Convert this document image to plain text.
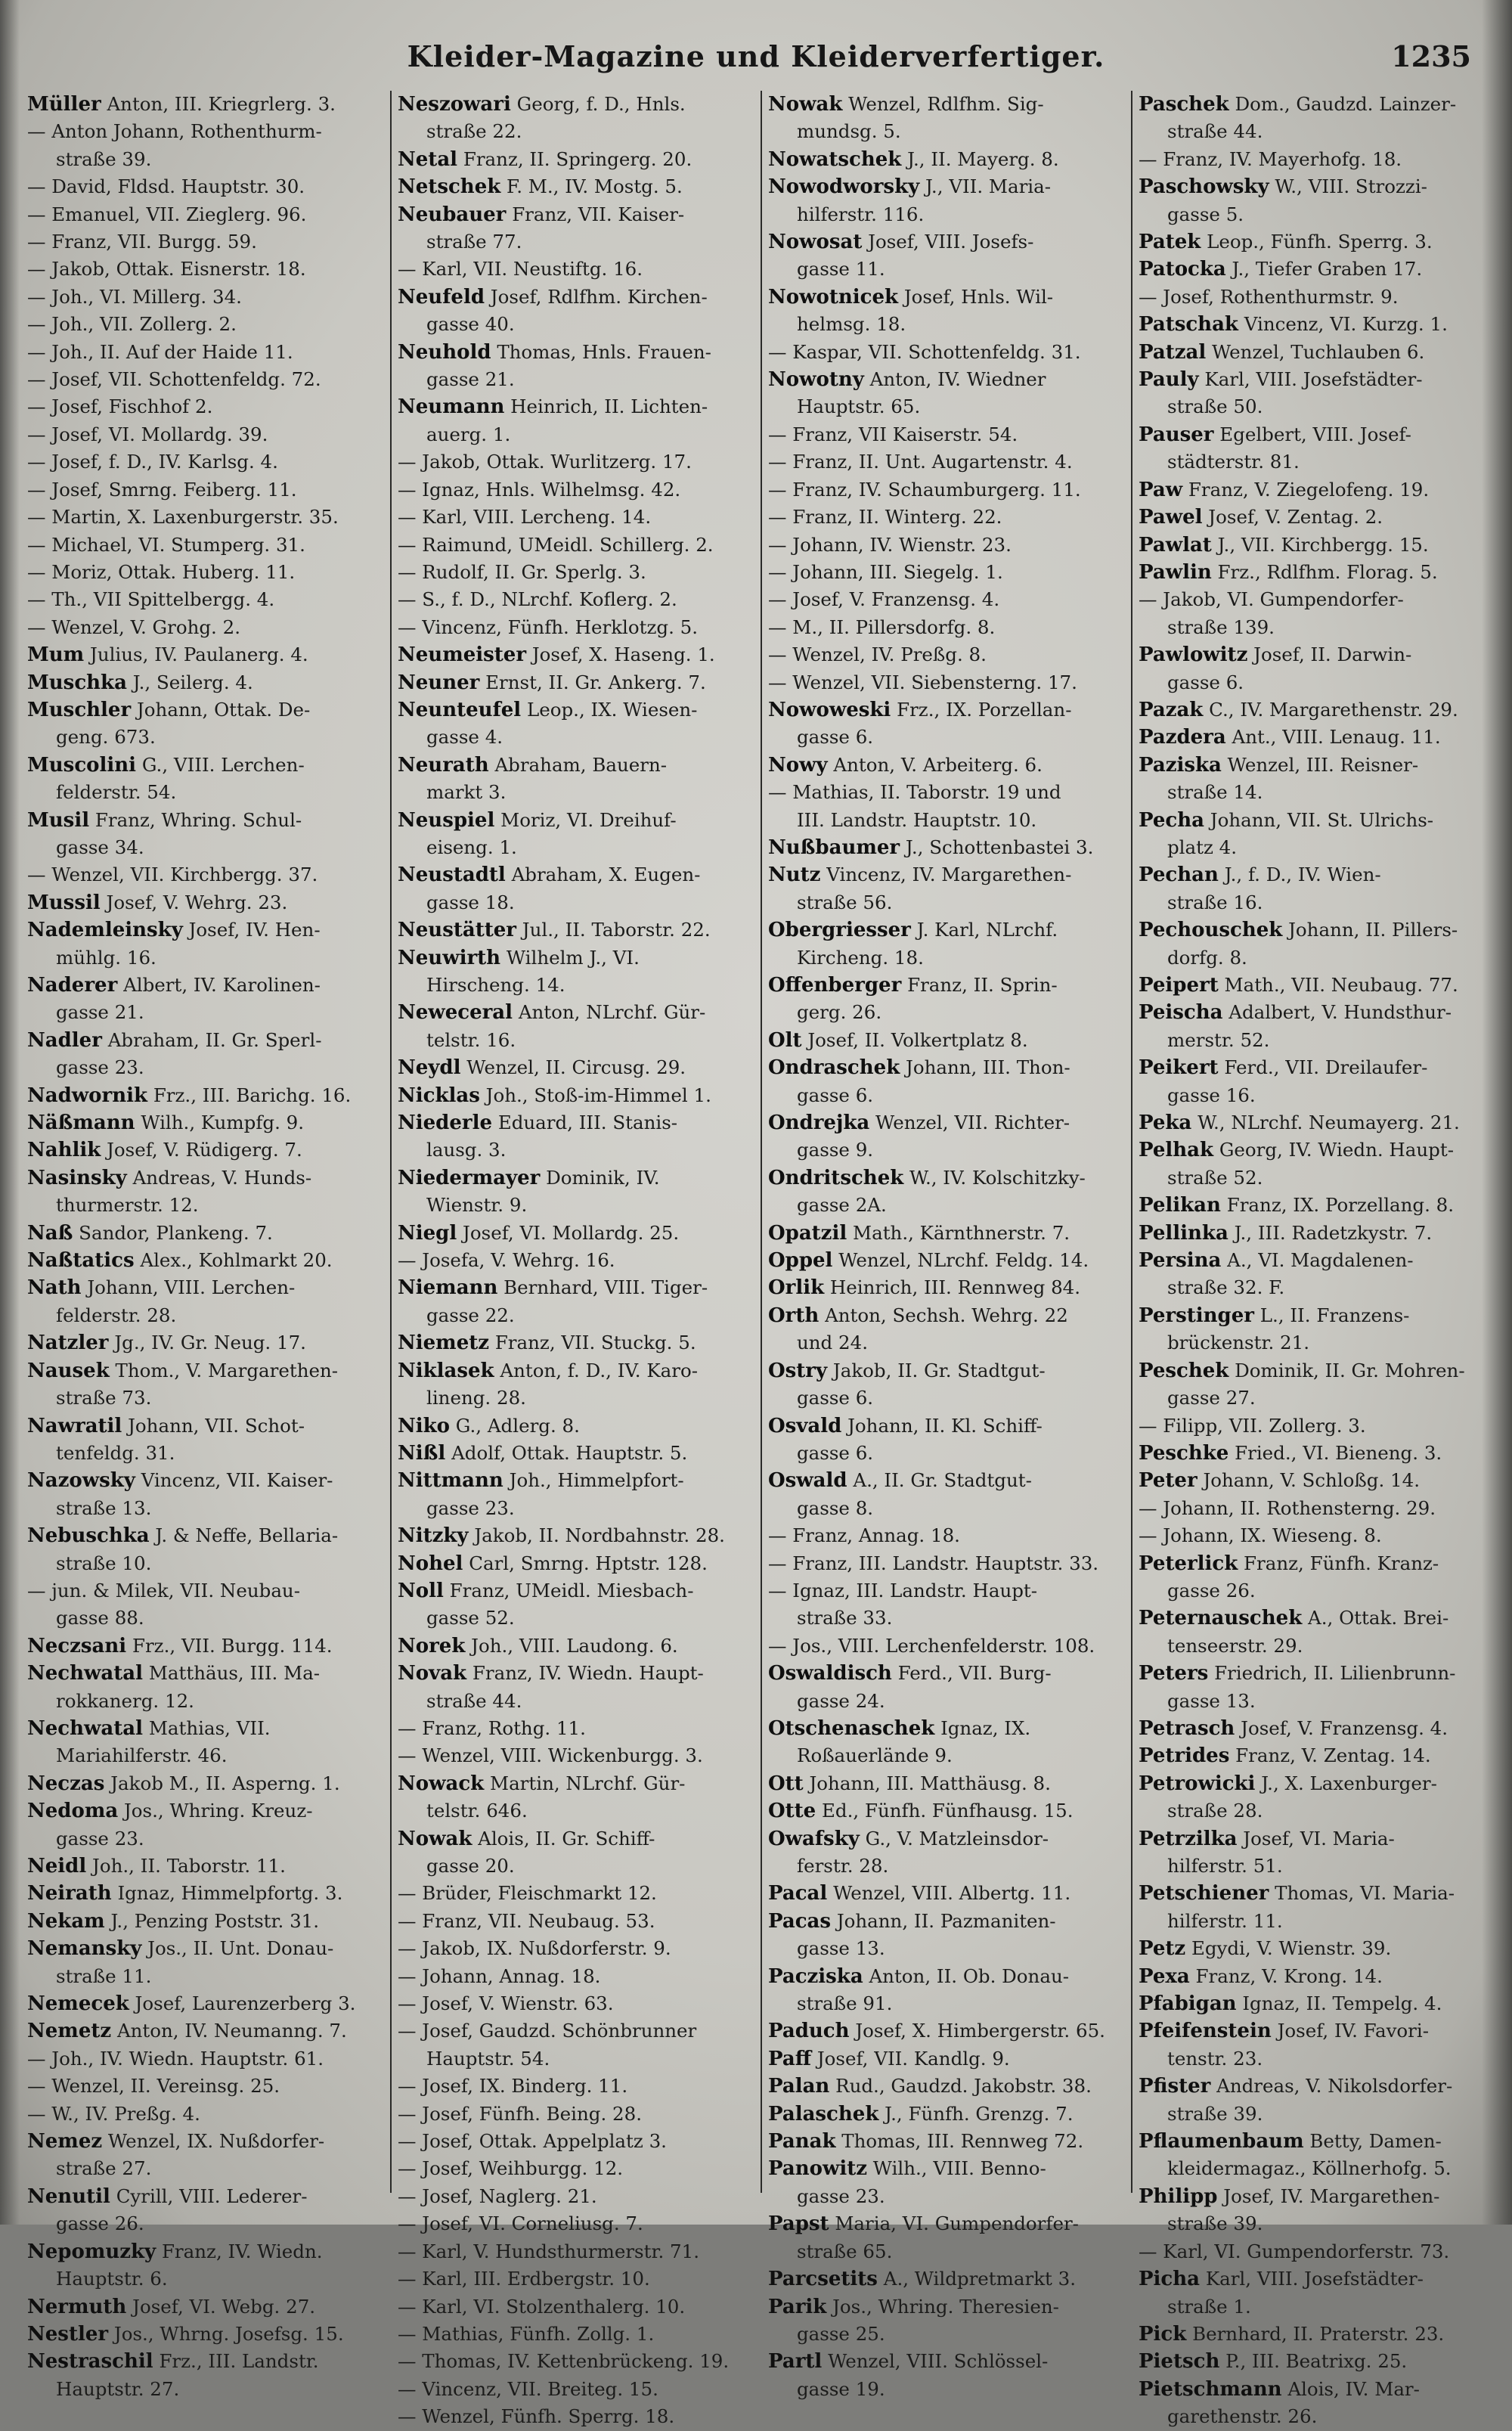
Kleider-Magazine und Kleiderverfertiger.	1235
Müller Anton, III. Kriegrlerg. 3.
— Anton Johann, Rothenthurm-
straße 39.
— David, Fldsd. Hauptstr. 30.
— Emanuel, VII. Zieglerg. 96.
— Franz, VII. Burgg. 59.
— Jakob, Ottak. Eisnerstr. 18.
— Joh., VI. Millerg. 34.
— Joh., VII. Zollerg. 2.
— Joh., II. Auf der Haide 11.
— Josef, VII. Schottenfeldg. 72.
— Josef, Fischhof 2.
— Josef, VI. Mollardg. 39.
— Josef, f. D., IV. Karlsg. 4.
— Josef, Smrng. Feiberg. 11.
— Martin, X. Laxenburgerstr. 35.
— Michael, VI. Stumperg. 31.
— Moriz, Ottak. Huberg. 11.
— Th., VII Spittelbergg. 4.
— Wenzel, V. Grohg. 2.
Mum Julius, IV. Paulanerg. 4.
Muschka J., Seilerg. 4.
Muschler Johann, Ottak. De-
geng. 673.
Muscolini G., VIII. Lerchen-
felderstr. 54.
Musil Franz, Whring. Schul-
gasse 34.
— Wenzel, VII. Kirchbergg. 37.
Mussil Josef, V. Wehrg. 23.
Nademleinsky Josef, IV. Hen-
mühlg. 16.
Naderer Albert, IV. Karolinen-
gasse 21.
Nadler Abraham, II. Gr. Sperl-
gasse 23.
Nadwornik Frz., III. Barichg. 16.
Näßmann Wilh., Kumpfg. 9.
Nahlik Josef, V. Rüdigerg. 7.
Nasinsky Andreas, V. Hunds-
thurmerstr. 12.
Naß Sandor, Plankeng. 7.
Naßtatics Alex., Kohlmarkt 20.
Nath Johann, VIII. Lerchen-
felderstr. 28.
Natzler Jg., IV. Gr. Neug. 17.
Nausek Thom., V. Margarethen-
straße 73.
Nawratil Johann, VII. Schot-
tenfeldg. 31.
Nazowsky Vincenz, VII. Kaiser-
straße 13.
Nebuschka J. & Neffe, Bellaria-
straße 10.
— jun. & Milek, VII. Neubau-
gasse 88.
Neczsani Frz., VII. Burgg. 114.
Nechwatal Matthäus, III. Ma-
rokkanerg. 12.
Nechwatal Mathias, VII.
Mariahilferstr. 46.
Neczas Jakob M., II. Asperng. 1.
Nedoma Jos., Whring. Kreuz-
gasse 23.
Neidl Joh., II. Taborstr. 11.
Neirath Ignaz, Himmelpfortg. 3.
Nekam J., Penzing Poststr. 31.
Nemansky Jos., II. Unt. Donau-
straße 11.
Nemecek Josef, Laurenzerberg 3.
Nemetz Anton, IV. Neumanng. 7.
— Joh., IV. Wiedn. Hauptstr. 61.
— Wenzel, II. Vereinsg. 25.
— W., IV. Preßg. 4.
Nemez Wenzel, IX. Nußdorfer-
straße 27.
Nenutil Cyrill, VIII. Lederer-
gasse 26.
Nepomuzky Franz, IV. Wiedn.
Hauptstr. 6.
Nermuth Josef, VI. Webg. 27.
Nestler Jos., Whrng. Josefsg. 15.
Nestraschil Frz., III. Landstr.
Hauptstr. 27.
Neszowari Georg, f. D., Hnls.
straße 22.
Netal Franz, II. Springerg. 20.
Netschek F. M., IV. Mostg. 5.
Neubauer Franz, VII. Kaiser-
straße 77.
— Karl, VII. Neustiftg. 16.
Neufeld Josef, Rdlfhm. Kirchen-
gasse 40.
Neuhold Thomas, Hnls. Frauen-
gasse 21.
Neumann Heinrich, II. Lichten-
auerg. 1.
— Jakob, Ottak. Wurlitzerg. 17.
— Ignaz, Hnls. Wilhelmsg. 42.
— Karl, VIII. Lercheng. 14.
— Raimund, UMeidl. Schillerg. 2.
— Rudolf, II. Gr. Sperlg. 3.
— S., f. D., NLrchf. Koflerg. 2.
— Vincenz, Fünfh. Herklotzg. 5.
Neumeister Josef, X. Haseng. 1.
Neuner Ernst, II. Gr. Ankerg. 7.
Neunteufel Leop., IX. Wiesen-
gasse 4.
Neurath Abraham, Bauern-
markt 3.
Neuspiel Moriz, VI. Dreihuf-
eiseng. 1.
Neustadtl Abraham, X. Eugen-
gasse 18.
Neustätter Jul., II. Taborstr. 22.
Neuwirth Wilhelm J., VI.
Hirscheng. 14.
Neweceral Anton, NLrchf. Gür-
telstr. 16.
Neydl Wenzel, II. Circusg. 29.
Nicklas Joh., Stoß-im-Himmel 1.
Niederle Eduard, III. Stanis-
lausg. 3.
Niedermayer Dominik, IV.
Wienstr. 9.
Niegl Josef, VI. Mollardg. 25.
— Josefa, V. Wehrg. 16.
Niemann Bernhard, VIII. Tiger-
gasse 22.
Niemetz Franz, VII. Stuckg. 5.
Niklasek Anton, f. D., IV. Karo-
lineng. 28.
Niko G., Adlerg. 8.
Nißl Adolf, Ottak. Hauptstr. 5.
Nittmann Joh., Himmelpfort-
gasse 23.
Nitzky Jakob, II. Nordbahnstr. 28.
Nohel Carl, Smrng. Hptstr. 128.
Noll Franz, UMeidl. Miesbach-
gasse 52.
Norek Joh., VIII. Laudong. 6.
Novak Franz, IV. Wiedn. Haupt-
straße 44.
— Franz, Rothg. 11.
— Wenzel, VIII. Wickenburgg. 3.
Nowack Martin, NLrchf. Gür-
telstr. 646.
Nowak Alois, II. Gr. Schiff-
gasse 20.
— Brüder, Fleischmarkt 12.
— Franz, VII. Neubaug. 53.
— Jakob, IX. Nußdorferstr. 9.
— Johann, Annag. 18.
— Josef, V. Wienstr. 63.
— Josef, Gaudzd. Schönbrunner
Hauptstr. 54.
— Josef, IX. Binderg. 11.
— Josef, Fünfh. Being. 28.
— Josef, Ottak. Appelplatz 3.
— Josef, Weihburgg. 12.
— Josef, Naglerg. 21.
— Josef, VI. Corneliusg. 7.
— Karl, V. Hundsthurmerstr. 71.
— Karl, III. Erdbergstr. 10.
— Karl, VI. Stolzenthalerg. 10.
— Mathias, Fünfh. Zollg. 1.
— Thomas, IV. Kettenbrückeng. 19.
— Vincenz, VII. Breiteg. 15.
— Wenzel, Fünfh. Sperrg. 18.
Nowak Wenzel, Rdlfhm. Sig-
mundsg. 5.
Nowatschek J., II. Mayerg. 8.
Nowodworsky J., VII. Maria-
hilferstr. 116.
Nowosat Josef, VIII. Josefs-
gasse 11.
Nowotnicek Josef, Hnls. Wil-
helmsg. 18.
— Kaspar, VII. Schottenfeldg. 31.
Nowotny Anton, IV. Wiedner
Hauptstr. 65.
— Franz, VII Kaiserstr. 54.
— Franz, II. Unt. Augartenstr. 4.
— Franz, IV. Schaumburgerg. 11.
— Franz, II. Winterg. 22.
— Johann, IV. Wienstr. 23.
— Johann, III. Siegelg. 1.
— Josef, V. Franzensg. 4.
— M., II. Pillersdorfg. 8.
— Wenzel, IV. Preßg. 8.
— Wenzel, VII. Siebensterng. 17.
Nowoweski Frz., IX. Porzellan-
gasse 6.
Nowy Anton, V. Arbeiterg. 6.
— Mathias, II. Taborstr. 19 und
III. Landstr. Hauptstr. 10.
Nußbaumer J., Schottenbastei 3.
Nutz Vincenz, IV. Margarethen-
straße 56.
Obergriesser J. Karl, NLrchf.
Kircheng. 18.
Offenberger Franz, II. Sprin-
gerg. 26.
Olt Josef, II. Volkertplatz 8.
Ondraschek Johann, III. Thon-
gasse 6.
Ondrejka Wenzel, VII. Richter-
gasse 9.
Ondritschek W., IV. Kolschitzky-
gasse 2A.
Opatzil Math., Kärnthnerstr. 7.
Oppel Wenzel, NLrchf. Feldg. 14.
Orlik Heinrich, III. Rennweg 84.
Orth Anton, Sechsh. Wehrg. 22
und 24.
Ostry Jakob, II. Gr. Stadtgut-
gasse 6.
Osvald Johann, II. Kl. Schiff-
gasse 6.
Oswald A., II. Gr. Stadtgut-
gasse 8.
— Franz, Annag. 18.
— Franz, III. Landstr. Hauptstr. 33.
— Ignaz, III. Landstr. Haupt-
straße 33.
— Jos., VIII. Lerchenfelderstr. 108.
Oswaldisch Ferd., VII. Burg-
gasse 24.
Otschenaschek Ignaz, IX.
Roßauerlände 9.
Ott Johann, III. Matthäusg. 8.
Otte Ed., Fünfh. Fünfhausg. 15.
Owafsky G., V. Matzleinsdor-
ferstr. 28.
Pacal Wenzel, VIII. Albertg. 11.
Pacas Johann, II. Pazmaniten-
gasse 13.
Pacziska Anton, II. Ob. Donau-
straße 91.
Paduch Josef, X. Himbergerstr. 65.
Paff Josef, VII. Kandlg. 9.
Palan Rud., Gaudzd. Jakobstr. 38.
Palaschek J., Fünfh. Grenzg. 7.
Panak Thomas, III. Rennweg 72.
Panowitz Wilh., VIII. Benno-
gasse 23.
Papst Maria, VI. Gumpendorfer-
straße 65.
Parcsetits A., Wildpretmarkt 3.
Parik Jos., Whring. Theresien-
gasse 25.
Partl Wenzel, VIII. Schlössel-
gasse 19.
Paschek Dom., Gaudzd. Lainzer-
straße 44.
— Franz, IV. Mayerhofg. 18.
Paschowsky W., VIII. Strozzi-
gasse 5.
Patek Leop., Fünfh. Sperrg. 3.
Patocka J., Tiefer Graben 17.
— Josef, Rothenthurmstr. 9.
Patschak Vincenz, VI. Kurzg. 1.
Patzal Wenzel, Tuchlauben 6.
Pauly Karl, VIII. Josefstädter-
straße 50.
Pauser Egelbert, VIII. Josef-
städterstr. 81.
Paw Franz, V. Ziegelofeng. 19.
Pawel Josef, V. Zentag. 2.
Pawlat J., VII. Kirchbergg. 15.
Pawlin Frz., Rdlfhm. Florag. 5.
— Jakob, VI. Gumpendorfer-
straße 139.
Pawlowitz Josef, II. Darwin-
gasse 6.
Pazak C., IV. Margarethenstr. 29.
Pazdera Ant., VIII. Lenaug. 11.
Paziska Wenzel, III. Reisner-
straße 14.
Pecha Johann, VII. St. Ulrichs-
platz 4.
Pechan J., f. D., IV. Wien-
straße 16.
Pechouschek Johann, II. Pillers-
dorfg. 8.
Peipert Math., VII. Neubaug. 77.
Peischa Adalbert, V. Hundsthur-
merstr. 52.
Peikert Ferd., VII. Dreilaufer-
gasse 16.
Peka W., NLrchf. Neumayerg. 21.
Pelhak Georg, IV. Wiedn. Haupt-
straße 52.
Pelikan Franz, IX. Porzellang. 8.
Pellinka J., III. Radetzkystr. 7.
Persina A., VI. Magdalenen-
straße 32. F.
Perstinger L., II. Franzens-
brückenstr. 21.
Peschek Dominik, II. Gr. Mohren-
gasse 27.
— Filipp, VII. Zollerg. 3.
Peschke Fried., VI. Bieneng. 3.
Peter Johann, V. Schloßg. 14.
— Johann, II. Rothensterng. 29.
— Johann, IX. Wieseng. 8.
Peterlick Franz, Fünfh. Kranz-
gasse 26.
Peternauschek A., Ottak. Brei-
tenseerstr. 29.
Peters Friedrich, II. Lilienbrunn-
gasse 13.
Petrasch Josef, V. Franzensg. 4.
Petrides Franz, V. Zentag. 14.
Petrowicki J., X. Laxenburger-
straße 28.
Petrzilka Josef, VI. Maria-
hilferstr. 51.
Petschiener Thomas, VI. Maria-
hilferstr. 11.
Petz Egydi, V. Wienstr. 39.
Pexa Franz, V. Krong. 14.
Pfabigan Ignaz, II. Tempelg. 4.
Pfeifenstein Josef, IV. Favori-
tenstr. 23.
Pfister Andreas, V. Nikolsdorfer-
straße 39.
Pflaumenbaum Betty, Damen-
kleidermagaz., Köllnerhofg. 5.
Philipp Josef, IV. Margarethen-
straße 39.
— Karl, VI. Gumpendorferstr. 73.
Picha Karl, VIII. Josefstädter-
straße 1.
Pick Bernhard, II. Praterstr. 23.
Pietsch P., III. Beatrixg. 25.
Pietschmann Alois, IV. Mar-
garethenstr. 26.
